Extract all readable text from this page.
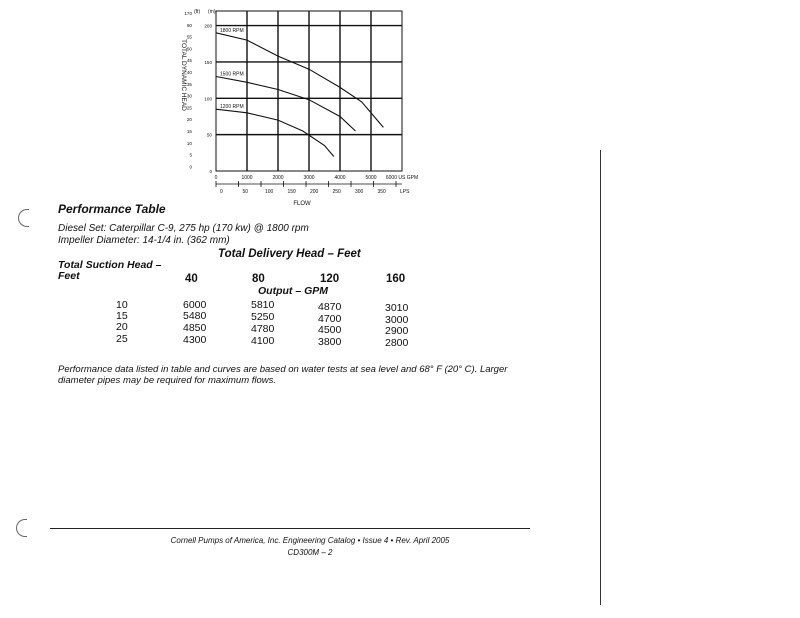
TOTAL DYNAMIC HEAD
(m)
(ft)
170
60
55
50
45
40
35
30
25
20
15
10
5
0
200
150
100
50
0
1800 RPM
1500 RPM
1200 RPM
0	1000	2000	3000	4000	5000 6000 US GPM
0	50	100	150	200	250	300	350	LPS
FLOW
Performance Table
Diesel Set: Caterpillar C-9, 275 hp (170 kw) @ 1800 rpm
Impeller Diameter: 14-1/4 in. (362 mm)
Total Delivery Head – Feet
Total Suction Head –
Feet	40	80	120	160
Output – GPM
10	6000	5810	4870	3010
15	5480	5250	4700	3000
20	4850	4780	4500	2900
25	4300	4100	3800	2800
Performance data listed in table and curves are based on water tests at sea level and 68° F (20° C). Larger diameter pipes may be required for maximum flows.
Cornell Pumps of America, Inc. Engineering Catalog • Issue 4 • Rev. April 2005
CD300M – 2
